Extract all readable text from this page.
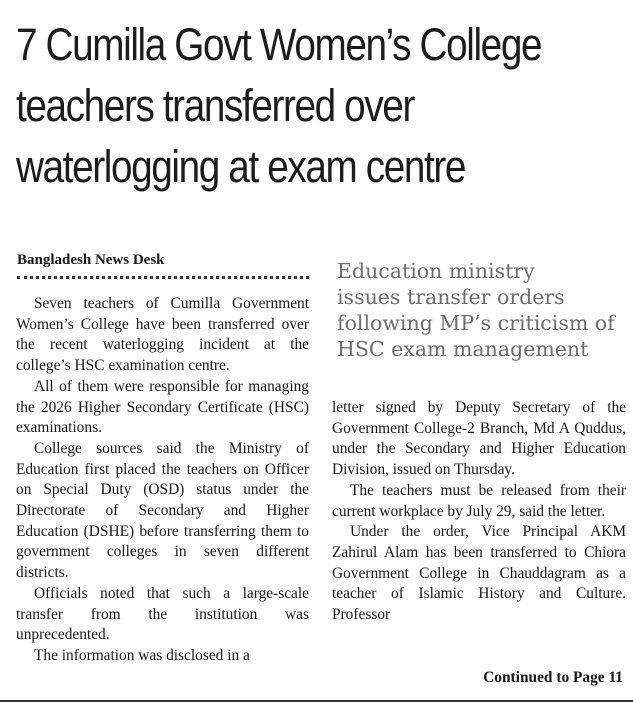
7 Cumilla Govt Women’s College
teachers transferred over
waterlogging at exam centre
Bangladesh News Desk	Education ministry
issues transfer orders
following MP’s criticism of
HSC exam management

Seven teachers of Cumilla Government Women’s College have been transferred over the recent waterlogging incident at the college’s HSC examination centre.

All of them were responsible for managing the 2026 Higher Secondary Certificate (HSC) examinations.

College sources said the Ministry of Education first placed the teachers on Officer on Special Duty (OSD) status under the Directorate of Secondary and Higher Education (DSHE) before transferring them to government colleges in seven different districts.

Officials noted that such a large-scale transfer from the institution was unprecedented.

The information was disclosed in a

letter signed by Deputy Secretary of the Government College-2 Branch, Md A Quddus, under the Secondary and Higher Education Division, issued on Thursday.

The teachers must be released from their current workplace by July 29, said the letter.

Under the order, Vice Principal AKM Zahirul Alam has been transferred to Chiora Government College in Chauddagram as a teacher of Islamic History and Culture. Professor

Continued to Page 11
